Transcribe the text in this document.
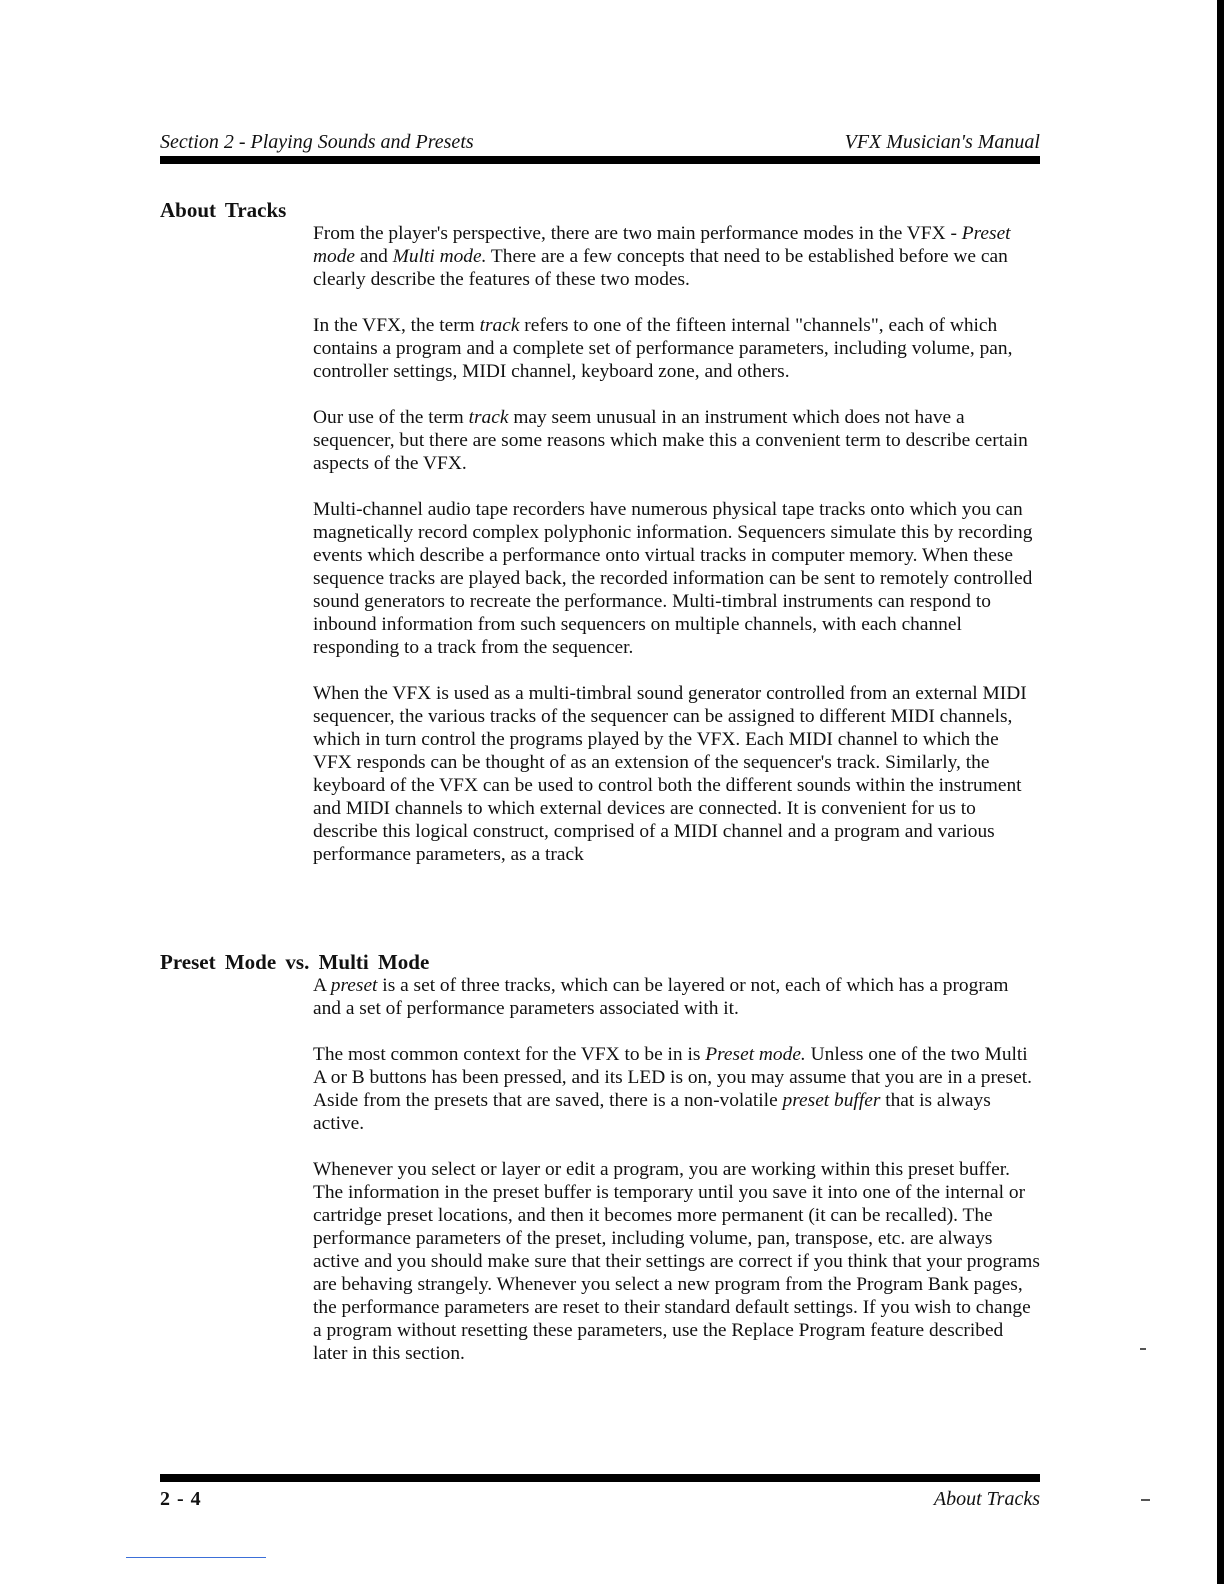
Section 2 - Playing Sounds and Presets	VFX Musician's Manual
About Tracks

From the player's perspective, there are two main performance modes in the VFX - Preset mode and Multi mode. There are a few concepts that need to be established before we can clearly describe the features of these two modes.

In the VFX, the term track refers to one of the fifteen internal "channels", each of which contains a program and a complete set of performance parameters, including volume, pan, controller settings, MIDI channel, keyboard zone, and others.

Our use of the term track may seem unusual in an instrument which does not have a sequencer, but there are some reasons which make this a convenient term to describe certain aspects of the VFX.

Multi-channel audio tape recorders have numerous physical tape tracks onto which you can magnetically record complex polyphonic information. Sequencers simulate this by recording events which describe a performance onto virtual tracks in computer memory. When these sequence tracks are played back, the recorded information can be sent to remotely controlled sound generators to recreate the performance. Multi-timbral instruments can respond to inbound information from such sequencers on multiple channels, with each channel responding to a track from the sequencer.

When the VFX is used as a multi-timbral sound generator controlled from an external MIDI sequencer, the various tracks of the sequencer can be assigned to different MIDI channels, which in turn control the programs played by the VFX. Each MIDI channel to which the VFX responds can be thought of as an extension of the sequencer's track. Similarly, the keyboard of the VFX can be used to control both the different sounds within the instrument and MIDI channels to which external devices are connected. It is convenient for us to describe this logical construct, comprised of a MIDI channel and a program and various performance parameters, as a track

Preset Mode vs. Multi Mode

A preset is a set of three tracks, which can be layered or not, each of which has a program and a set of performance parameters associated with it.

The most common context for the VFX to be in is Preset mode. Unless one of the two Multi A or B buttons has been pressed, and its LED is on, you may assume that you are in a preset. Aside from the presets that are saved, there is a non-volatile preset buffer that is always active.

Whenever you select or layer or edit a program, you are working within this preset buffer. The information in the preset buffer is temporary until you save it into one of the internal or cartridge preset locations, and then it becomes more permanent (it can be recalled). The performance parameters of the preset, including volume, pan, transpose, etc. are always active and you should make sure that their settings are correct if you think that your programs are behaving strangely. Whenever you select a new program from the Program Bank pages, the performance parameters are reset to their standard default settings. If you wish to change a program without resetting these parameters, use the Replace Program feature described later in this section.

2 - 4	About Tracks
